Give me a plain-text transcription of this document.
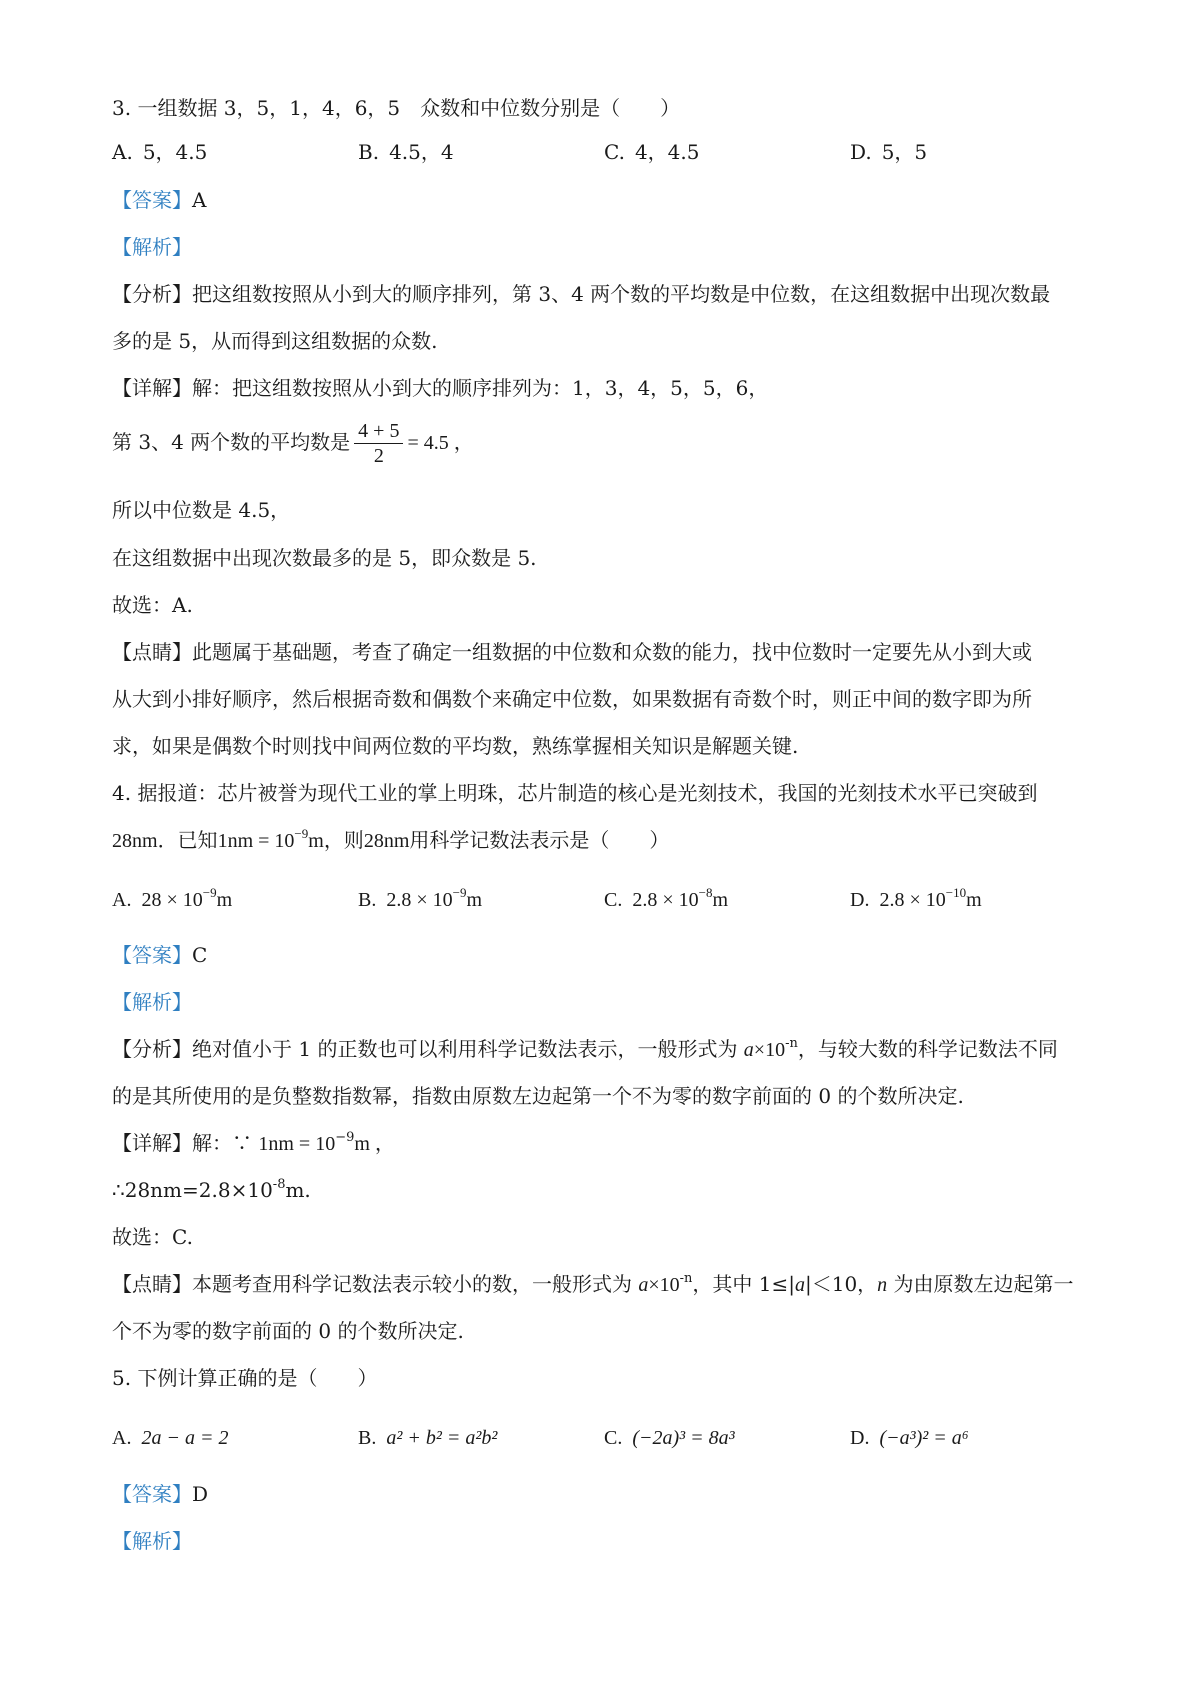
3. 一组数据 3，5，1，4，6，5　众数和中位数分别是（　　）
A. 5，4.5	B. 4.5，4	C. 4，4.5	D. 5，5
【答案】A
【解析】
【分析】把这组数按照从小到大的顺序排列，第 3、4 两个数的平均数是中位数，在这组数据中出现次数最
多的是 5，从而得到这组数据的众数.
【详解】解：把这组数按照从小到大的顺序排列为：1，3，4，5，5，6，
第 3、4 两个数的平均数是 $\frac{4 + 5}{2} = 4.5$ ，
所以中位数是 4.5，
在这组数据中出现次数最多的是 5，即众数是 5.
故选：A.
【点睛】此题属于基础题，考查了确定一组数据的中位数和众数的能力，找中位数时一定要先从小到大或
从大到小排好顺序，然后根据奇数和偶数个来确定中位数，如果数据有奇数个时，则正中间的数字即为所
求，如果是偶数个时则找中间两位数的平均数，熟练掌握相关知识是解题关键.
4. 据报道：芯片被誉为现代工业的掌上明珠，芯片制造的核心是光刻技术，我国的光刻技术水平已突破到
28nm．已知$1nm = 10^{-9}m$，则28nm用科学记数法表示是（　　）
A. $28 \times 10^{-9}m$	B. $2.8 \times 10^{-9}m$	C. $2.8 \times 10^{-8}m$	D. $2.8 \times 10^{-10}m$
【答案】C
【解析】
【分析】绝对值小于 1 的正数也可以利用科学记数法表示，一般形式为 $a\times 10^{-n}$，与较大数的科学记数法不同
的是其所使用的是负整数指数幂，指数由原数左边起第一个不为零的数字前面的 0 的个数所决定.
【详解】解：∵ $1nm = 10^{-9}m$ ，
$\therefore 28nm=2.8\times 10^{-8}m$.
故选：C.
【点睛】本题考查用科学记数法表示较小的数，一般形式为 $a\times 10^{-n}$，其中 1≤|a|＜10，n 为由原数左边起第一
个不为零的数字前面的 0 的个数所决定.
5. 下例计算正确的是（　　）
A. 2a − a = 2	B. a² + b² = a²b²	C. (−2a)³ = 8a³	D. (−a³)² = a⁶
【答案】D
【解析】
